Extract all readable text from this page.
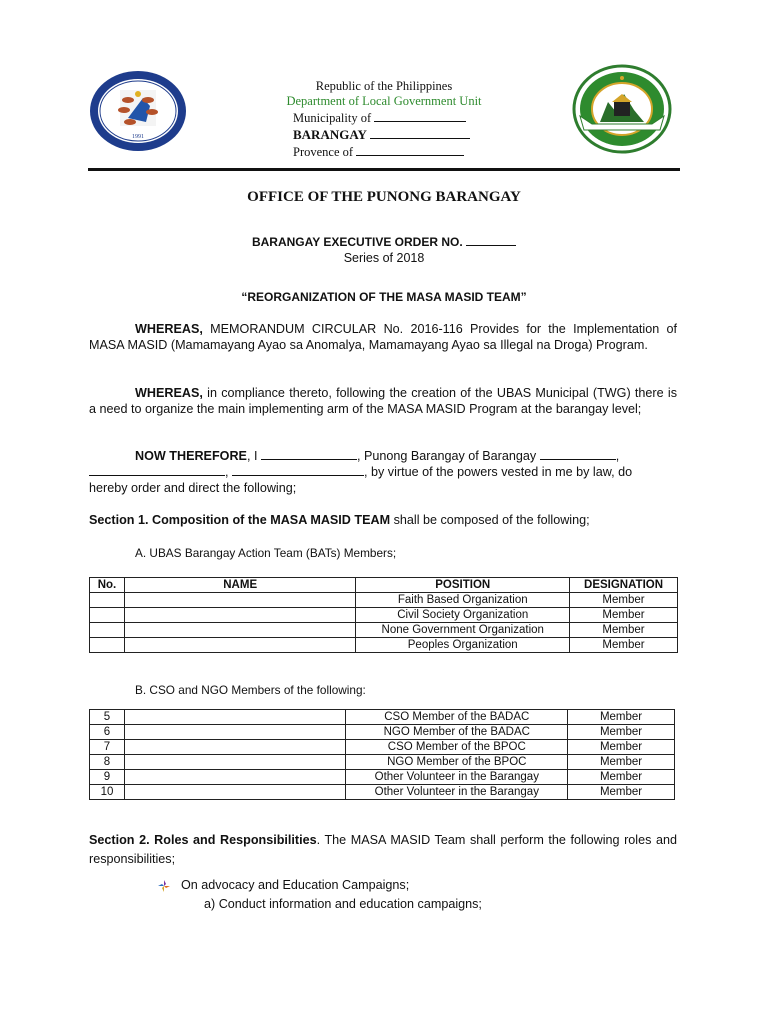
1991
Republic of the Philippines
Department of Local Government Unit
Municipality of
BARANGAY
Provence of
OFFICE OF THE PUNONG BARANGAY
BARANGAY EXECUTIVE ORDER NO.
Series of 2018
“REORGANIZATION OF THE MASA MASID TEAM”
WHEREAS, MEMORANDUM CIRCULAR No. 2016-116 Provides for the Implementation of MASA MASID (Mamamayang Ayao sa Anomalya, Mamamayang Ayao sa Illegal na Droga) Program.
WHEREAS, in compliance thereto, following the creation of the UBAS Municipal (TWG) there is a need to organize the main implementing arm of the MASA MASID Program at the barangay level;
NOW THEREFORE, I	, Punong Barangay of Barangay	,
,	, by virtue of the powers vested in me by law, do
hereby order and direct the following;
Section 1. Composition of the MASA MASID TEAM shall be composed of the following;
A. UBAS Barangay Action Team (BATs) Members;
No.	NAME	POSITION	DESIGNATION
		Faith Based Organization	Member
		Civil Society Organization	Member
		None Government Organization	Member
		Peoples Organization	Member
B. CSO and NGO Members of the following:
5		CSO Member of the BADAC	Member
6		NGO Member of the BADAC	Member
7		CSO Member of the BPOC	Member
8		NGO Member of the BPOC	Member
9		Other Volunteer in the Barangay	Member
10		Other Volunteer in the Barangay	Member
Section 2. Roles and Responsibilities. The MASA MASID Team shall perform the following roles and responsibilities;
On advocacy and Education Campaigns;
a) Conduct information and education campaigns;
